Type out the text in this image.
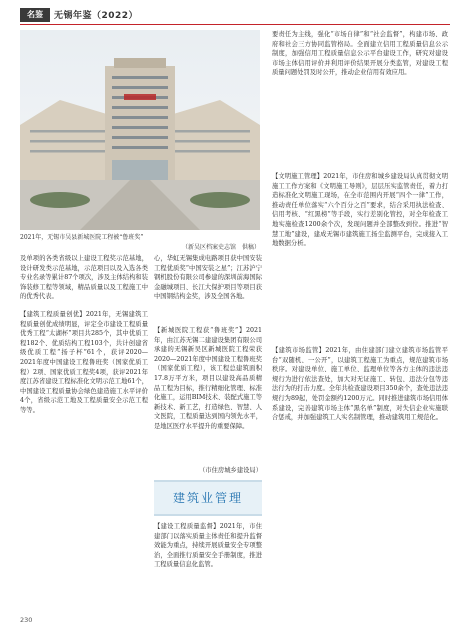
名鉴	无锡年鉴（2022）
2021年，无锡市吴县新城医院工程被“鲁班奖”
（新吴区档案史志馆　供稿）
要责任为主线，强化“市场自律”和“社会监督”，构建市场、政府和社会三方协同监管格局。全面建立信用工程质量信息公示制度，加强信用工程质量信息公示平台建设工作，研究对建设市场主体信用评价并利用评价结果开展分类监管，对建设工程质量问题处罚及时公开，推动企业信用有效应用。
【文明施工管理】2021年，市住房和城乡建设局认真贯彻文明施工工作方案和《文明施工导则》，层层压实监管责任，着力打造标准化文明施工现场，在全市范围内开展“四个一律”工作，推动责任单位落实“六个百分之百”要求，结合采用执法检查、信用考核、“红黑榜”等手段，实行差别化管控，对全年检查工地实施检查1200余个次，发现问题并全部整改到位。推进“智慧工地”建设，建成无锡市建筑施工扬尘监测平台，完成接入工地数据分析。
及单项的各类省级以上建设工程奖示范基地，设计研发类示范基地，示范项目以及入选各类专业名录等累计87个项次，涉及主体结构和装饰装修工程等领域，精品质量以及工程施工中的优秀代表。
【建筑工程质量创优】2021年，无锡建筑工程质量创优成绩明显，评定全市建设工程质量优秀工程“太湖杯”项目共285个，其中优质工程182个、优质结构工程103个，共计创建省级优质工程“扬子杯”61个，获评2020—2021年度中国建设工程鲁班奖（国家优质工程）2项、国家优质工程奖4项，获评2021年度江苏省建设工程标准化文明示范工地61个，中国建设工程质量协会绿色建造施工水平评价4个，省级示范工地及工程质量安全示范工程等等。
心，华虹无锡集成电路项目获中国安装工程优质奖“中国安装之星”；江苏沪宁钢机股份有限公司参建的深圳前海国际金融城项目、长江大保护项目等项目获中国钢结构金奖，涉及全国各地。
【新城医院工程获“鲁班奖”】2021年，由江苏无锡二建建设集团有限公司承建的无锡新吴区新城医院工程荣获2020—2021年度中国建设工程鲁班奖（国家优质工程），该工程总建筑面积17.8万平方米，项目以建设高品质精品工程为目标，推行精细化管理、标准化施工，运用BIM技术、装配式施工等新技术、新工艺，打造绿色、智慧、人文医院，工程质量达到国内领先水平，是地区医疗水平提升的重要保障。
（市住房城乡建设局）
建筑业管理
【建设工程质量监督】2021年，市住建部门以落实质量主体责任和提升监督效能为重点，持续开展质量安全专项整治，全面推行质量安全手册制度，推进工程质量信息化监管。
【建筑市场监管】2021年，由住建部门建立建筑市场监管平台“双随机、一公开”，以建筑工程施工为重点，规范建筑市场秩序。对建设单位、施工单位、监理单位等各方主体的违法违规行为进行依法查处，加大对无证施工、转包、违法分包等违法行为的打击力度。全年共检查建设项目350余个，查处违法违规行为89起，处罚金额约1200万元。同时推进建筑市场信用体系建设，完善建筑市场主体“黑名单”制度，对失信企业实施联合惩戒，并加强建筑工人实名制管理，推动建筑用工规范化。
230
